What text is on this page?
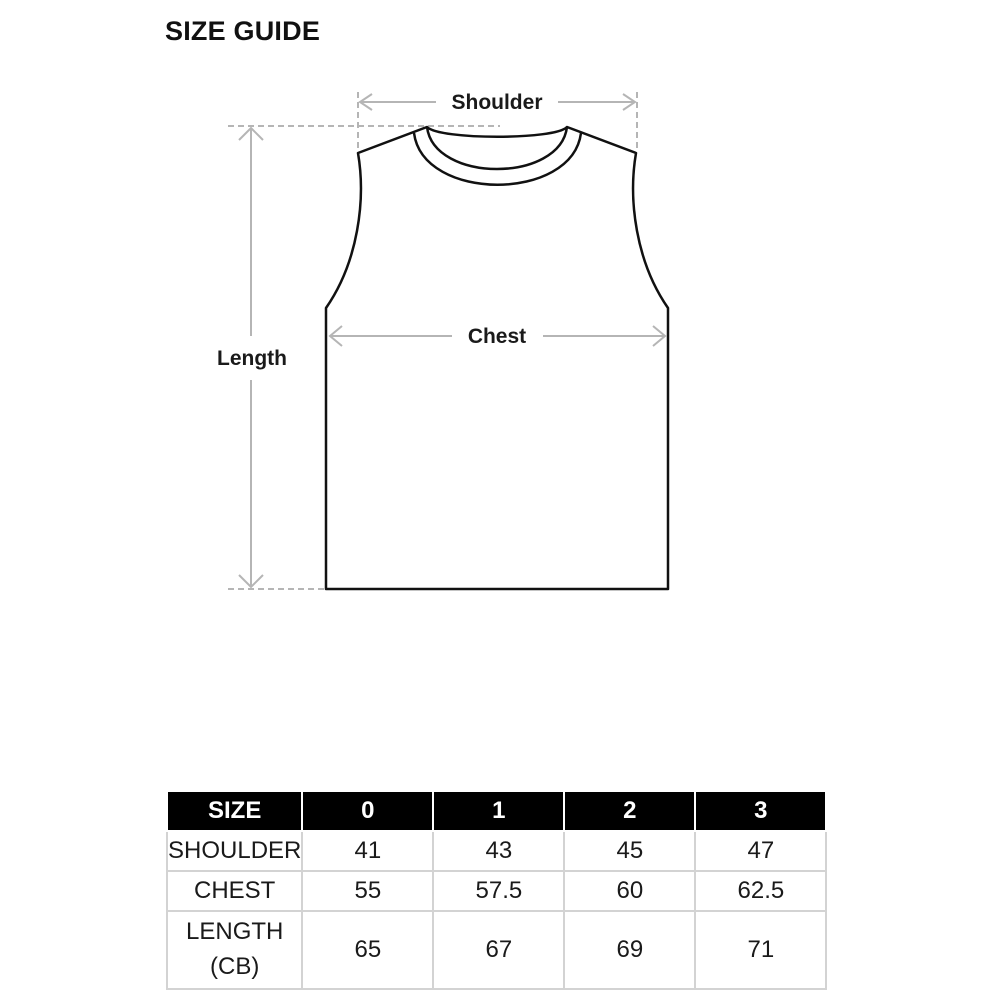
SIZE GUIDE
Shoulder
Length
Chest
SIZE	0	1	2	3

SHOULDER	41	43	45	47

CHEST	55	57.5	60	62.5

LENGTH
(CB)	65	67	69	71
